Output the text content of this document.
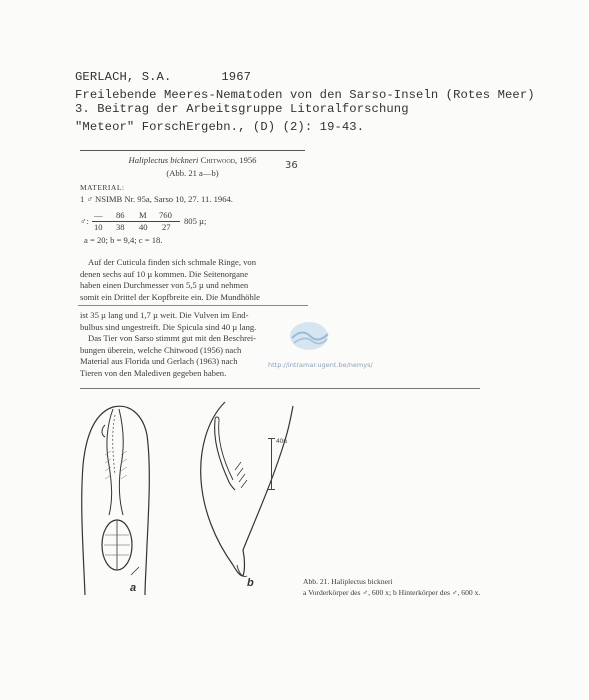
GERLACH, S.A.	1967
Freilebende Meeres-Nematoden von den Sarso-Inseln (Rotes Meer)
3. Beitrag der Arbeitsgruppe Litoralforschung
"Meteor" ForschErgebn., (D) (2): 19-43.
Haliplectus bickneri Chitwood, 1956	36
(Abb. 21 a—b)
MATERIAL:
1 ♂ NSIMB Nr. 95a, Sarso 10, 27. 11. 1964.
♂:
— 86 M 760
10 38 40 27
805 µ;
a = 20; b = 9,4; c = 18.
Auf der Cuticula finden sich schmale Ringe, von
denen sechs auf 10 µ kommen. Die Seitenorgane
haben einen Durchmesser von 5,5 µ und nehmen
somit ein Drittel der Kopfbreite ein. Die Mundhöhle
ist 35 µ lang und 1,7 µ weit. Die Vulven im End-
bulbus sind ungestreift. Die Spicula sind 40 µ lang.
Das Tier von Sarso stimmt gut mit den Beschrei-
bungen überein, welche Chitwood (1956) nach
Material aus Florida und Gerlach (1963) nach
Tieren von den Malediven gegeben haben.
http://intramar.ugent.be/nemys/
a	b
40µ
Abb. 21. Haliplectus bickneri
a Vorderkörper des ♂, 600 x; b Hinterkörper des ♂, 600 x.
